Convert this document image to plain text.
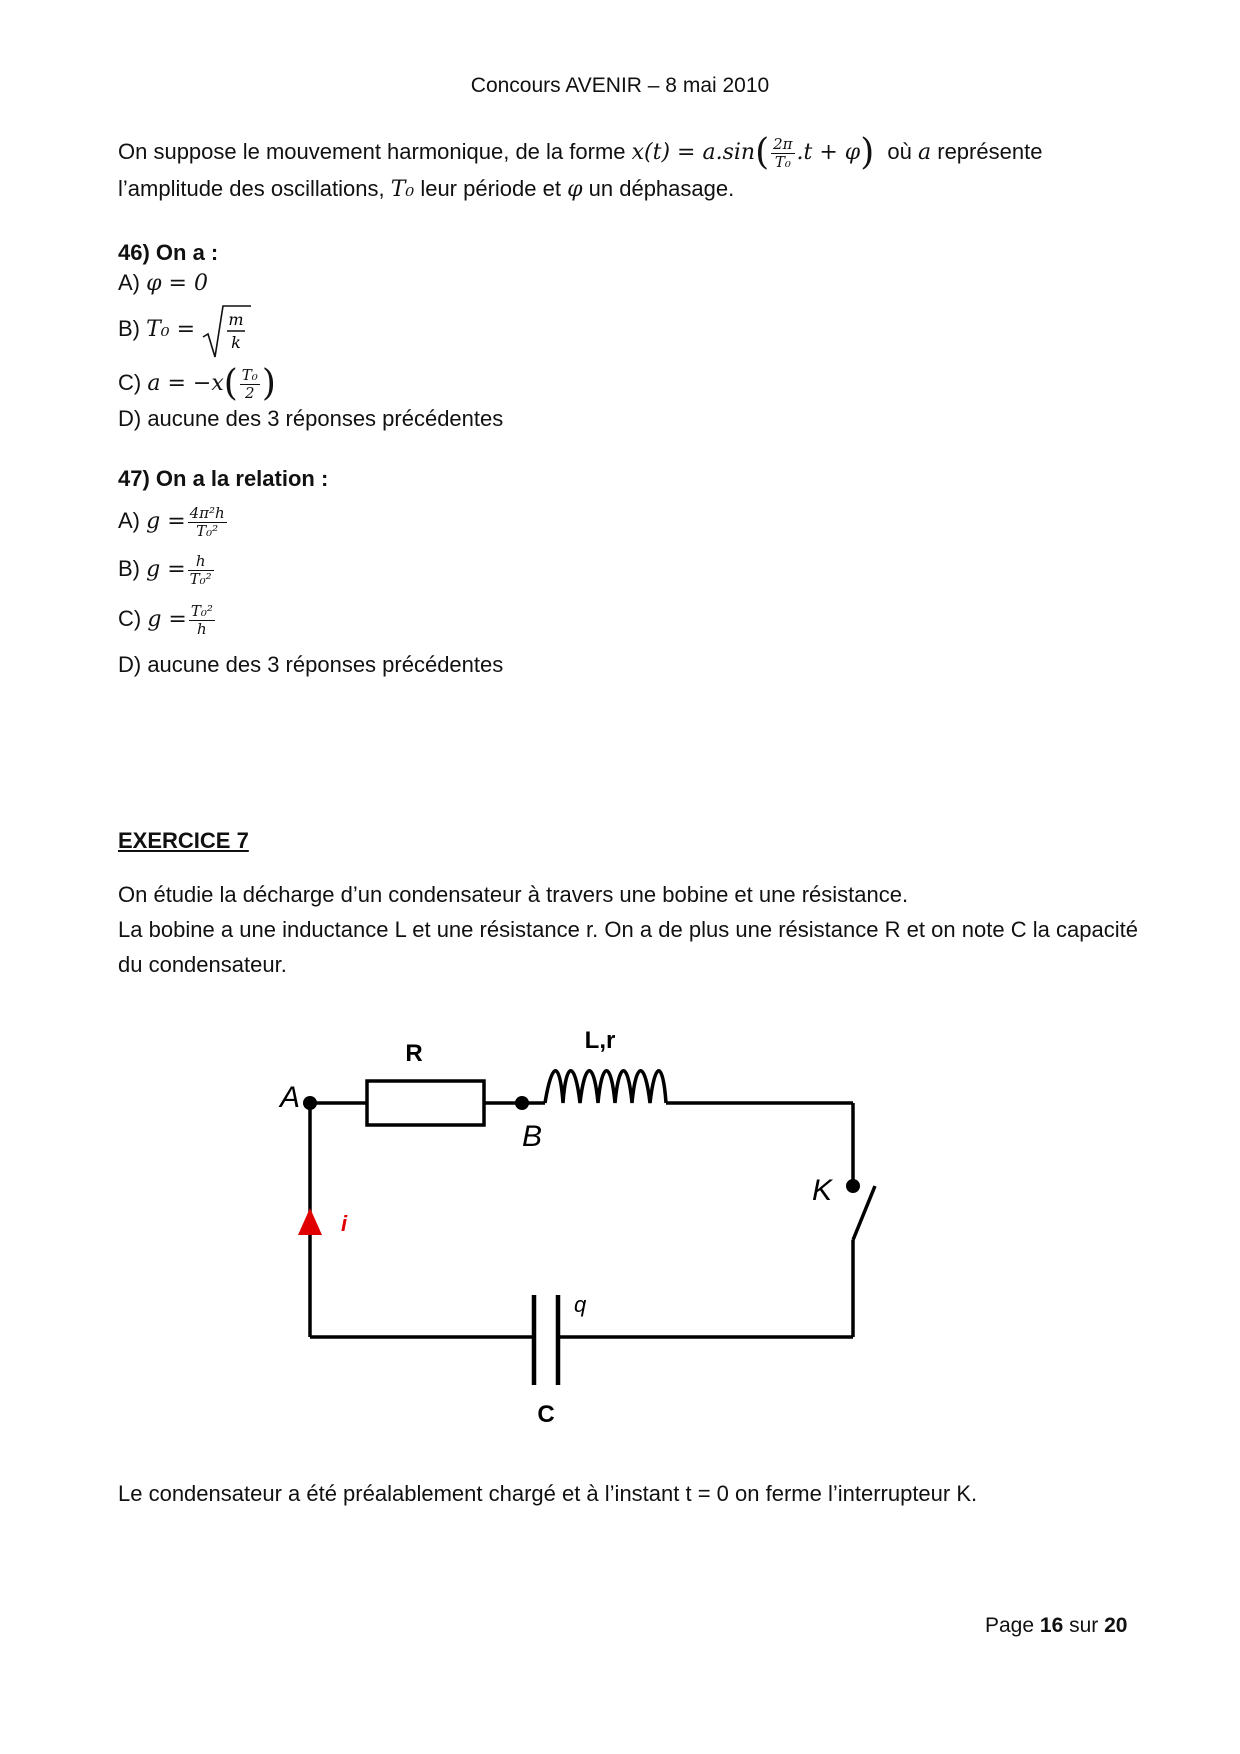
Concours AVENIR – 8 mai 2010
On suppose le mouvement harmonique, de la forme $x(t) = a.\sin( \frac{2\pi}{\text{T₀}} .t + \varphi)$ où a représente
l’amplitude des oscillations, T₀ leur période et φ un déphasage.
46) On a :
A) φ = 0
B) T₀ = m
k
C) $a = -x( \frac{\text{T₀}}{2}$ )
D) aucune des 3 réponses précédentes
47) On a la relation :
A) $g = \frac{\text{4π²h}}{\text{T₀²}}$
B) $g = \frac{h}{\text{T₀²}}$
C) $g = \frac{\text{T₀²}}{h}$
D) aucune des 3 réponses précédentes
EXERCICE 7
On étudie la décharge d’un condensateur à travers une bobine et une résistance.
La bobine a une inductance L et une résistance r. On a de plus une résistance R et on note C la capacité du condensateur.
R	L,r
A
B
K
i
q
C
Le condensateur a été préalablement chargé et à l’instant t = 0 on ferme l’interrupteur K.
Page 16 sur 20
